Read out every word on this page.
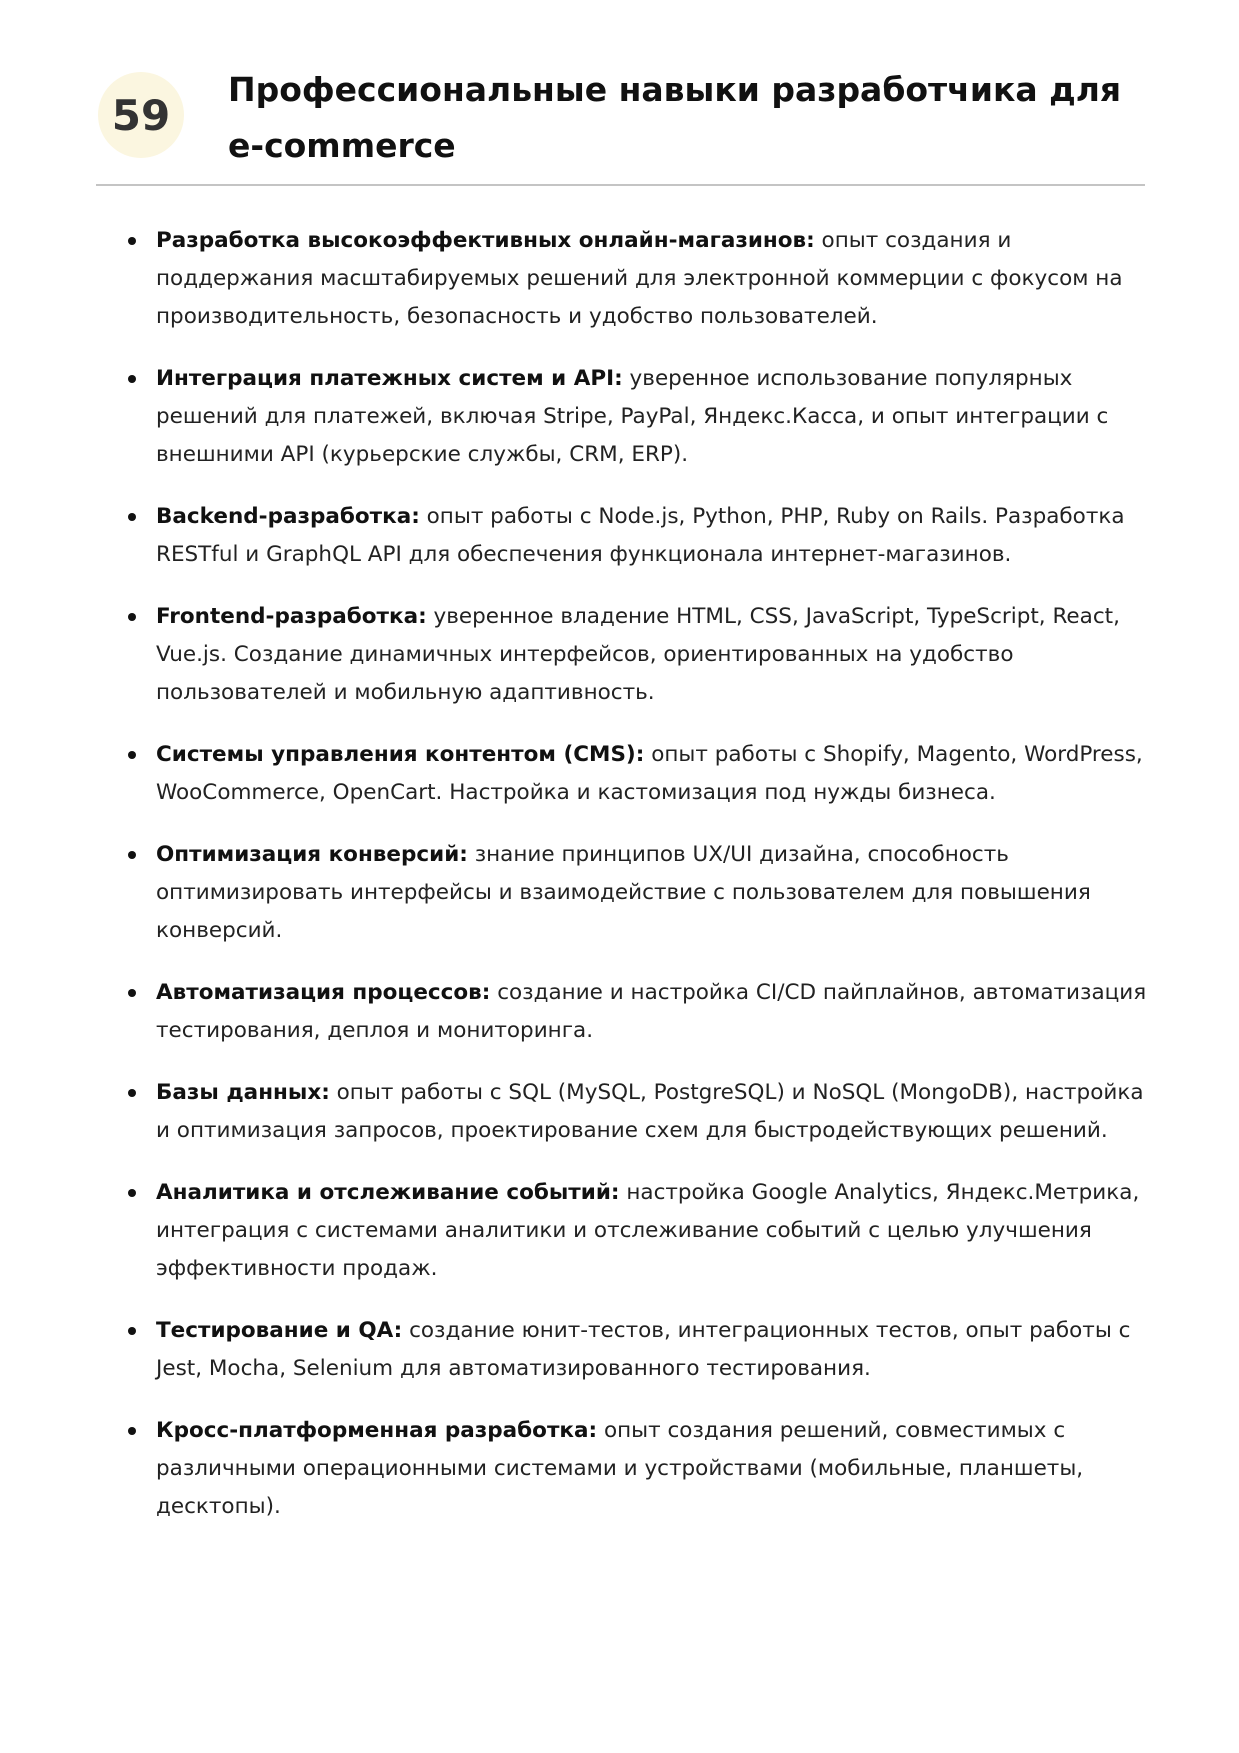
59
Профессиональные навыки разработчика для e-commerce
Разработка высокоэффективных онлайн-магазинов: опыт создания и поддержания масштабируемых решений для электронной коммерции с фокусом на производительность, безопасность и удобство пользователей.
Интеграция платежных систем и API: уверенное использование популярных решений для платежей, включая Stripe, PayPal, Яндекс.Касса, и опыт интеграции с внешними API (курьерские службы, CRM, ERP).
Backend-разработка: опыт работы с Node.js, Python, PHP, Ruby on Rails. Разработка RESTful и GraphQL API для обеспечения функционала интернет-магазинов.
Frontend-разработка: уверенное владение HTML, CSS, JavaScript, TypeScript, React, Vue.js. Создание динамичных интерфейсов, ориентированных на удобство пользователей и мобильную адаптивность.
Системы управления контентом (CMS): опыт работы с Shopify, Magento, WordPress, WooCommerce, OpenCart. Настройка и кастомизация под нужды бизнеса.
Оптимизация конверсий: знание принципов UX/UI дизайна, способность оптимизировать интерфейсы и взаимодействие с пользователем для повышения конверсий.
Автоматизация процессов: создание и настройка CI/CD пайплайнов, автоматизация тестирования, деплоя и мониторинга.
Базы данных: опыт работы с SQL (MySQL, PostgreSQL) и NoSQL (MongoDB), настройка и оптимизация запросов, проектирование схем для быстродействующих решений.
Аналитика и отслеживание событий: настройка Google Analytics, Яндекс.Метрика, интеграция с системами аналитики и отслеживание событий с целью улучшения эффективности продаж.
Тестирование и QA: создание юнит-тестов, интеграционных тестов, опыт работы с Jest, Mocha, Selenium для автоматизированного тестирования.
Кросс-платформенная разработка: опыт создания решений, совместимых с различными операционными системами и устройствами (мобильные, планшеты, десктопы).
